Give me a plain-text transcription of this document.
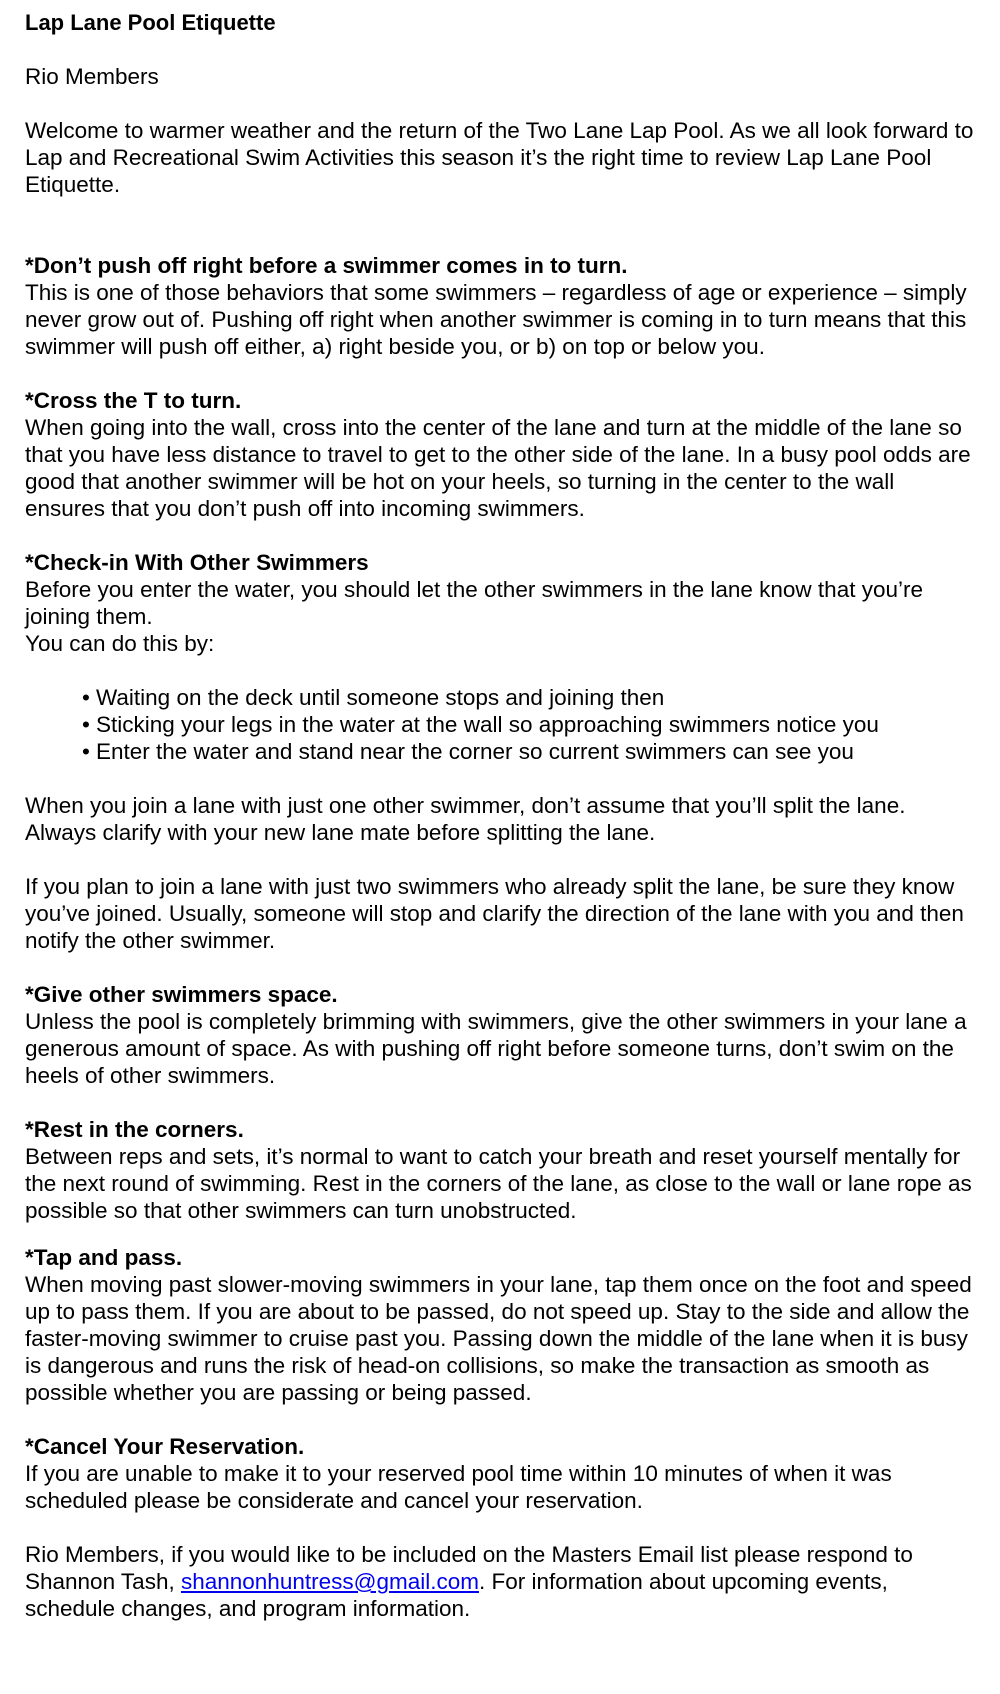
Lap Lane Pool Etiquette

Rio Members

Welcome to warmer weather and the return of the Two Lane Lap Pool. As we all look forward to Lap and Recreational Swim Activities this season it’s the right time to review Lap Lane Pool Etiquette.

*Don’t push off right before a swimmer comes in to turn.

This is one of those behaviors that some swimmers – regardless of age or experience – simply never grow out of. Pushing off right when another swimmer is coming in to turn means that this swimmer will push off either, a) right beside you, or b) on top or below you.

*Cross the T to turn.

When going into the wall, cross into the center of the lane and turn at the middle of the lane so that you have less distance to travel to get to the other side of the lane. In a busy pool odds are good that another swimmer will be hot on your heels, so turning in the center to the wall ensures that you don’t push off into incoming swimmers.

*Check-in With Other Swimmers

Before you enter the water, you should let the other swimmers in the lane know that you’re joining them.

You can do this by:

• Waiting on the deck until someone stops and joining then
• Sticking your legs in the water at the wall so approaching swimmers notice you
• Enter the water and stand near the corner so current swimmers can see you

When you join a lane with just one other swimmer, don’t assume that you’ll split the lane. Always clarify with your new lane mate before splitting the lane.

If you plan to join a lane with just two swimmers who already split the lane, be sure they know you’ve joined. Usually, someone will stop and clarify the direction of the lane with you and then notify the other swimmer.

*Give other swimmers space.

Unless the pool is completely brimming with swimmers, give the other swimmers in your lane a generous amount of space. As with pushing off right before someone turns, don’t swim on the heels of other swimmers.

*Rest in the corners.

Between reps and sets, it’s normal to want to catch your breath and reset yourself mentally for the next round of swimming. Rest in the corners of the lane, as close to the wall or lane rope as possible so that other swimmers can turn unobstructed.

*Tap and pass.

When moving past slower-moving swimmers in your lane, tap them once on the foot and speed up to pass them. If you are about to be passed, do not speed up. Stay to the side and allow the faster-moving swimmer to cruise past you. Passing down the middle of the lane when it is busy is dangerous and runs the risk of head-on collisions, so make the transaction as smooth as possible whether you are passing or being passed.

*Cancel Your Reservation.

If you are unable to make it to your reserved pool time within 10 minutes of when it was scheduled please be considerate and cancel your reservation.

Rio Members, if you would like to be included on the Masters Email list please respond to Shannon Tash, shannonhuntress@gmail.com. For information about upcoming events, schedule changes, and program information.
